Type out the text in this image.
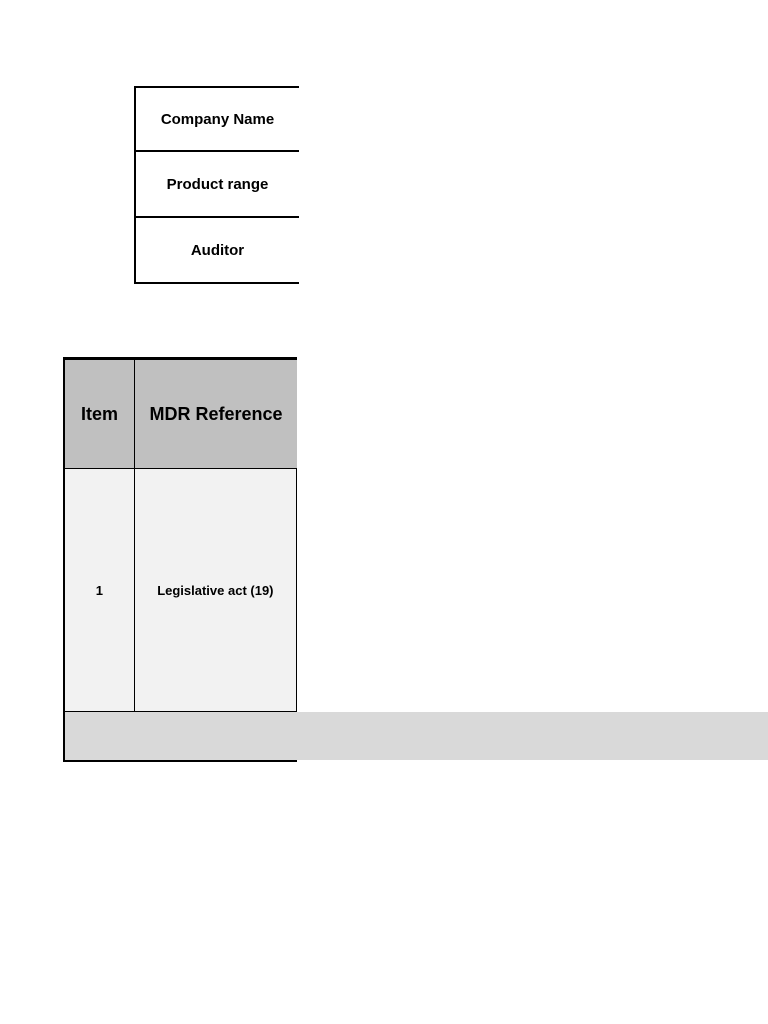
Company Name
Product range
Auditor
Item MDR Reference
1	Legislative act (19)
